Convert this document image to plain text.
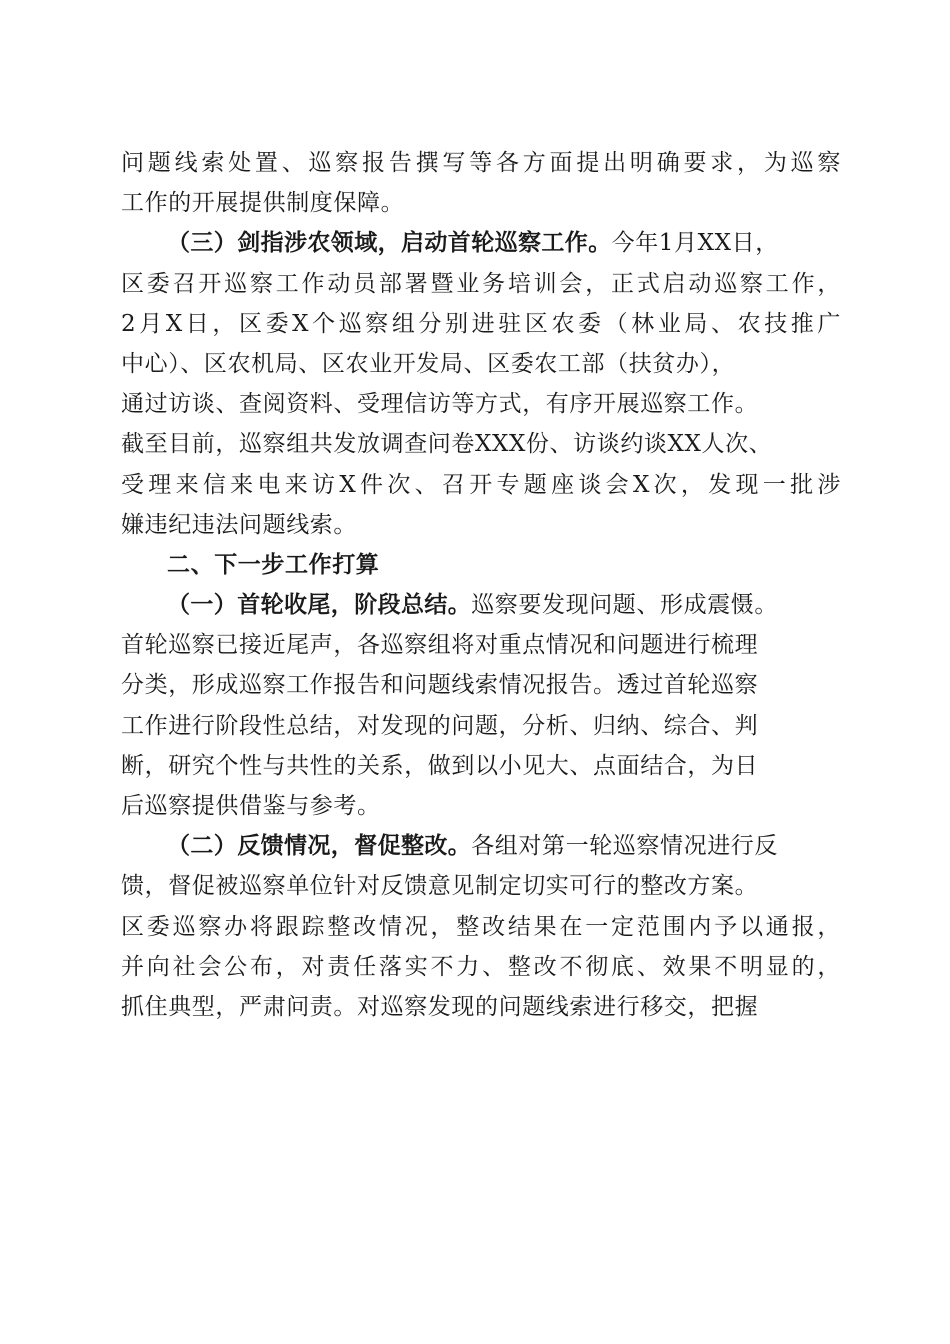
问题线索处置、巡察报告撰写等各方面提出明确要求，为巡察
工作的开展提供制度保障。
（三）剑指涉农领域，启动首轮巡察工作。今年1月XX日，
区委召开巡察工作动员部署暨业务培训会，正式启动巡察工作，
2月X日，区委X个巡察组分别进驻区农委（林业局、农技推广
中心）、区农机局、区农业开发局、区委农工部（扶贫办），
通过访谈、查阅资料、受理信访等方式，有序开展巡察工作。
截至目前，巡察组共发放调查问卷XXX份、访谈约谈XX人次、
受理来信来电来访X件次、召开专题座谈会X次，发现一批涉
嫌违纪违法问题线索。
二、下一步工作打算
（一）首轮收尾，阶段总结。巡察要发现问题、形成震慑。
首轮巡察已接近尾声，各巡察组将对重点情况和问题进行梳理
分类，形成巡察工作报告和问题线索情况报告。透过首轮巡察
工作进行阶段性总结，对发现的问题，分析、归纳、综合、判
断，研究个性与共性的关系，做到以小见大、点面结合，为日
后巡察提供借鉴与参考。
（二）反馈情况，督促整改。各组对第一轮巡察情况进行反
馈，督促被巡察单位针对反馈意见制定切实可行的整改方案。
区委巡察办将跟踪整改情况，整改结果在一定范围内予以通报，
并向社会公布，对责任落实不力、整改不彻底、效果不明显的，
抓住典型，严肃问责。对巡察发现的问题线索进行移交，把握
